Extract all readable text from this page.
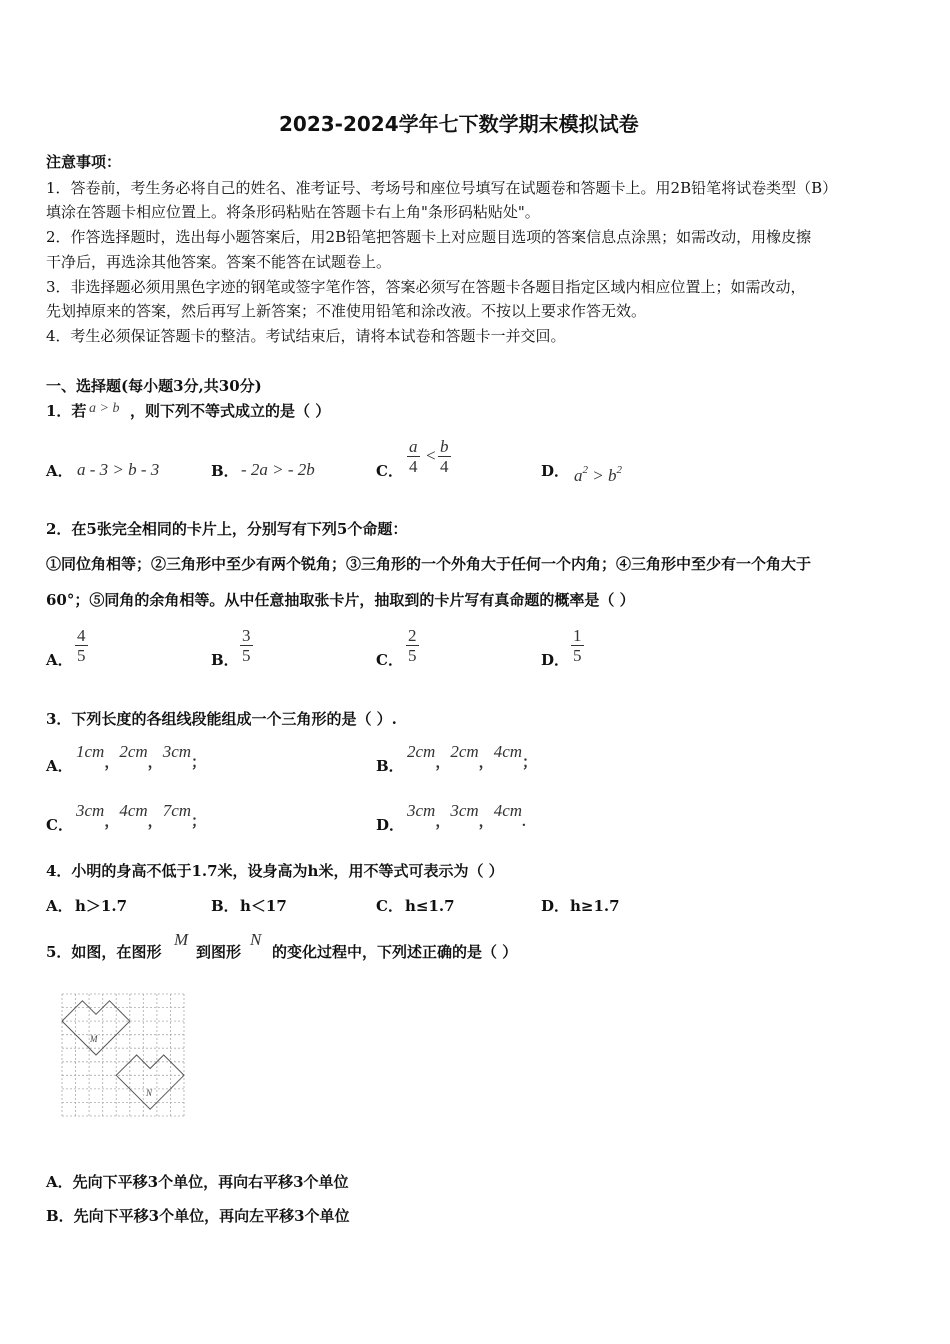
2023-2024学年七下数学期末模拟试卷
注意事项：
1．答卷前，考生务必将自己的姓名、准考证号、考场号和座位号填写在试题卷和答题卡上。用2B铅笔将试卷类型（B）
填涂在答题卡相应位置上。将条形码粘贴在答题卡右上角"条形码粘贴处"。
2．作答选择题时，选出每小题答案后，用2B铅笔把答题卡上对应题目选项的答案信息点涂黑；如需改动，用橡皮擦
干净后，再选涂其他答案。答案不能答在试题卷上。
3．非选择题必须用黑色字迹的钢笔或签字笔作答，答案必须写在答题卡各题目指定区域内相应位置上；如需改动，
先划掉原来的答案，然后再写上新答案；不准使用铅笔和涂改液。不按以上要求作答无效。
4．考生必须保证答题卡的整洁。考试结束后，请将本试卷和答题卡一并交回。
一、选择题(每小题3分,共30分)
1．若 a > b ，则下列不等式成立的是（ ）
A． a - 3 > b - 3	B． - 2a > - 2b	C． $\frac{a}{4} < \frac{b}{4}$	D． $a^2 > b^2$
2．在5张完全相同的卡片上，分别写有下列5个命题：
①同位角相等；②三角形中至少有两个锐角；③三角形的一个外角大于任何一个内角；④三角形中至少有一个角大于
60°；⑤同角的余角相等。从中任意抽取张卡片，抽取到的卡片写有真命题的概率是（ ）
A． $\frac{4}{5}$	B． $\frac{3}{5}$	C． $\frac{2}{5}$	D． $\frac{1}{5}$
3．下列长度的各组线段能组成一个三角形的是（ ）.
A．
1cm，2cm，3cm；	B．
2cm，2cm，4cm；
C．
3cm，4cm，7cm；	D．
3cm，3cm，4cm.
4．小明的身高不低于1.7米，设身高为h米，用不等式可表示为（ ）
A． h＞1.7	B． h＜17	C． h≤1.7	D． h≥1.7
5．如图，在图形
M
到图形
N
的变化过程中，下列述正确的是（ ）
M
N
A．先向下平移3个单位，再向右平移3个单位
B．先向下平移3个单位，再向左平移3个单位
